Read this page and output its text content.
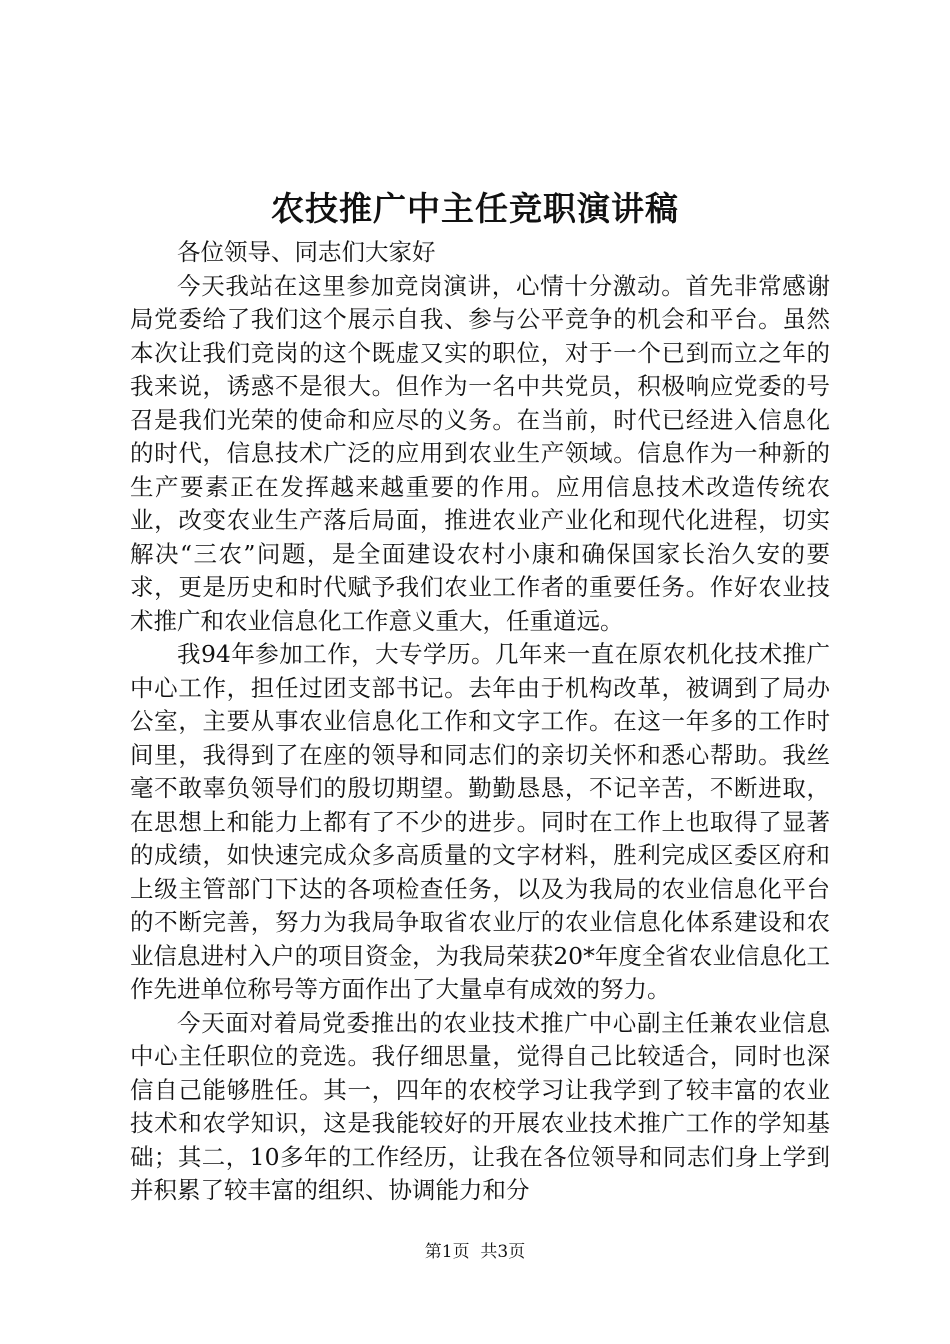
农技推广中主任竞职演讲稿

各位领导、同志们大家好

今天我站在这里参加竞岗演讲，心情十分激动。首先非常感谢局党委给了我们这个展示自我、参与公平竞争的机会和平台。虽然本次让我们竞岗的这个既虚又实的职位，对于一个已到而立之年的我来说，诱惑不是很大。但作为一名中共党员，积极响应党委的号召是我们光荣的使命和应尽的义务。在当前，时代已经进入信息化的时代，信息技术广泛的应用到农业生产领域。信息作为一种新的生产要素正在发挥越来越重要的作用。应用信息技术改造传统农业，改变农业生产落后局面，推进农业产业化和现代化进程，切实解决“三农”问题，是全面建设农村小康和确保国家长治久安的要求，更是历史和时代赋予我们农业工作者的重要任务。作好农业技术推广和农业信息化工作意义重大，任重道远。

我94年参加工作，大专学历。几年来一直在原农机化技术推广中心工作，担任过团支部书记。去年由于机构改革，被调到了局办公室，主要从事农业信息化工作和文字工作。在这一年多的工作时间里，我得到了在座的领导和同志们的亲切关怀和悉心帮助。我丝毫不敢辜负领导们的殷切期望。勤勤恳恳，不记辛苦，不断进取，在思想上和能力上都有了不少的进步。同时在工作上也取得了显著的成绩，如快速完成众多高质量的文字材料，胜利完成区委区府和上级主管部门下达的各项检查任务，以及为我局的农业信息化平台的不断完善，努力为我局争取省农业厅的农业信息化体系建设和农业信息进村入户的项目资金，为我局荣获20*年度全省农业信息化工作先进单位称号等方面作出了大量卓有成效的努力。

今天面对着局党委推出的农业技术推广中心副主任兼农业信息中心主任职位的竞选。我仔细思量，觉得自己比较适合，同时也深信自己能够胜任。其一，四年的农校学习让我学到了较丰富的农业技术和农学知识，这是我能较好的开展农业技术推广工作的学知基础；其二，10多年的工作经历，让我在各位领导和同志们身上学到并积累了较丰富的组织、协调能力和分

第1页 共3页
